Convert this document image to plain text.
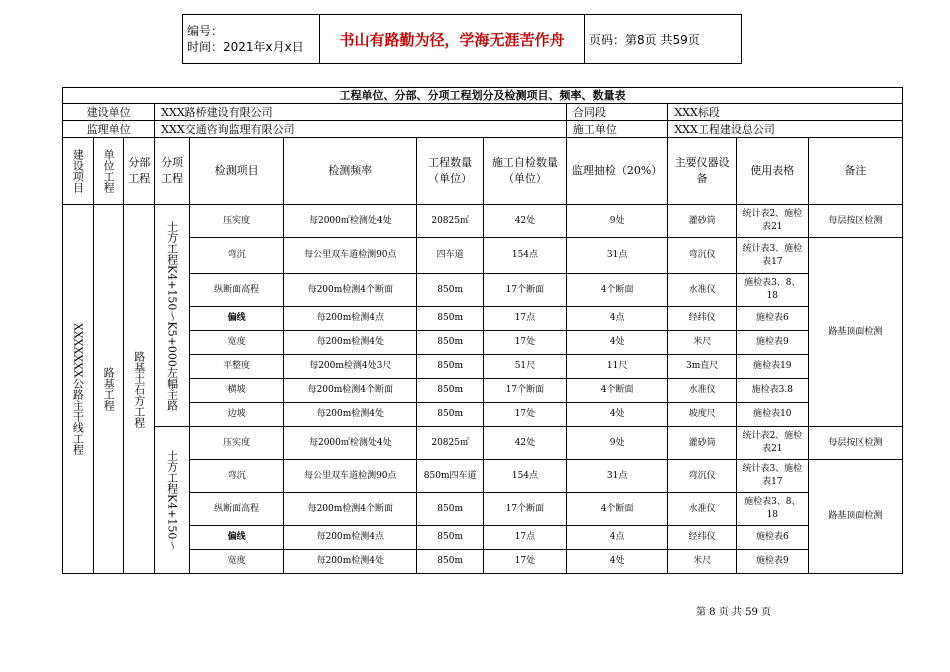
编号：
时间：2021年x月x日	书山有路勤为径，学海无涯苦作舟	页码：第8页 共59页
工程单位、分部、分项工程划分及检测项目、频率、数量表											
建设单位			XXX路桥建设有限公司					合同段	XXX标段		
监理单位			XXX交通咨询监理有限公司					施工单位	XXX工程建设总公司		

建设项目	单位工程	分部工程	分项工程	检测项目	检测频率	工程数量（单位）	施工自检数量（单位）	监理抽检（20%）	主要仪器设备	使用表格	备注

XXXXXXX公路主干线工程	路基工程	路基土石方工程	土方工程K4+150～K5+000左幅主路	压实度	每2000㎡检测处4处	20825㎡	42处	9处	灌砂筒	统计表2、施检表21	每层按区检测
				弯沉	每公里双车道检测90点	四车道	154点	31点	弯沉仪	统计表3、施检表17	路基顶面检测
				纵断面高程	每200m检测4个断面	850m	17个断面	4个断面	水准仪	施检表3、8、18	
				偏线	每200m检测4点	850m	17点	4点	经纬仪	施检表6	
				宽度	每200m检测4处	850m	17处	4处	米尺	施检表9	
				平整度	每200m检测4处3尺	850m	51尺	11尺	3m直尺	施检表19	
				横坡	每200m检测4个断面	850m	17个断面	4个断面	水准仪	施检表3.8	
				边坡	每200m检测4处	850m	17处	4处	坡度尺	施检表10	

			土方工程K4+150～	压实度	每2000㎡检测处4处	20825㎡	42处	9处	灌砂筒	统计表2、施检表21	每层按区检测
				弯沉	每公里双车道检测90点	850m四车道	154点	31点	弯沉仪	统计表3、施检表17	路基顶面检测
				纵断面高程	每200m检测4个断面	850m	17个断面	4个断面	水准仪	施检表3、8、18	
				偏线	每200m检测4点	850m	17点	4点	经纬仪	施检表6	
				宽度	每200m检测4处	850m	17处	4处	米尺	施检表9	
第 8 页 共 59 页
